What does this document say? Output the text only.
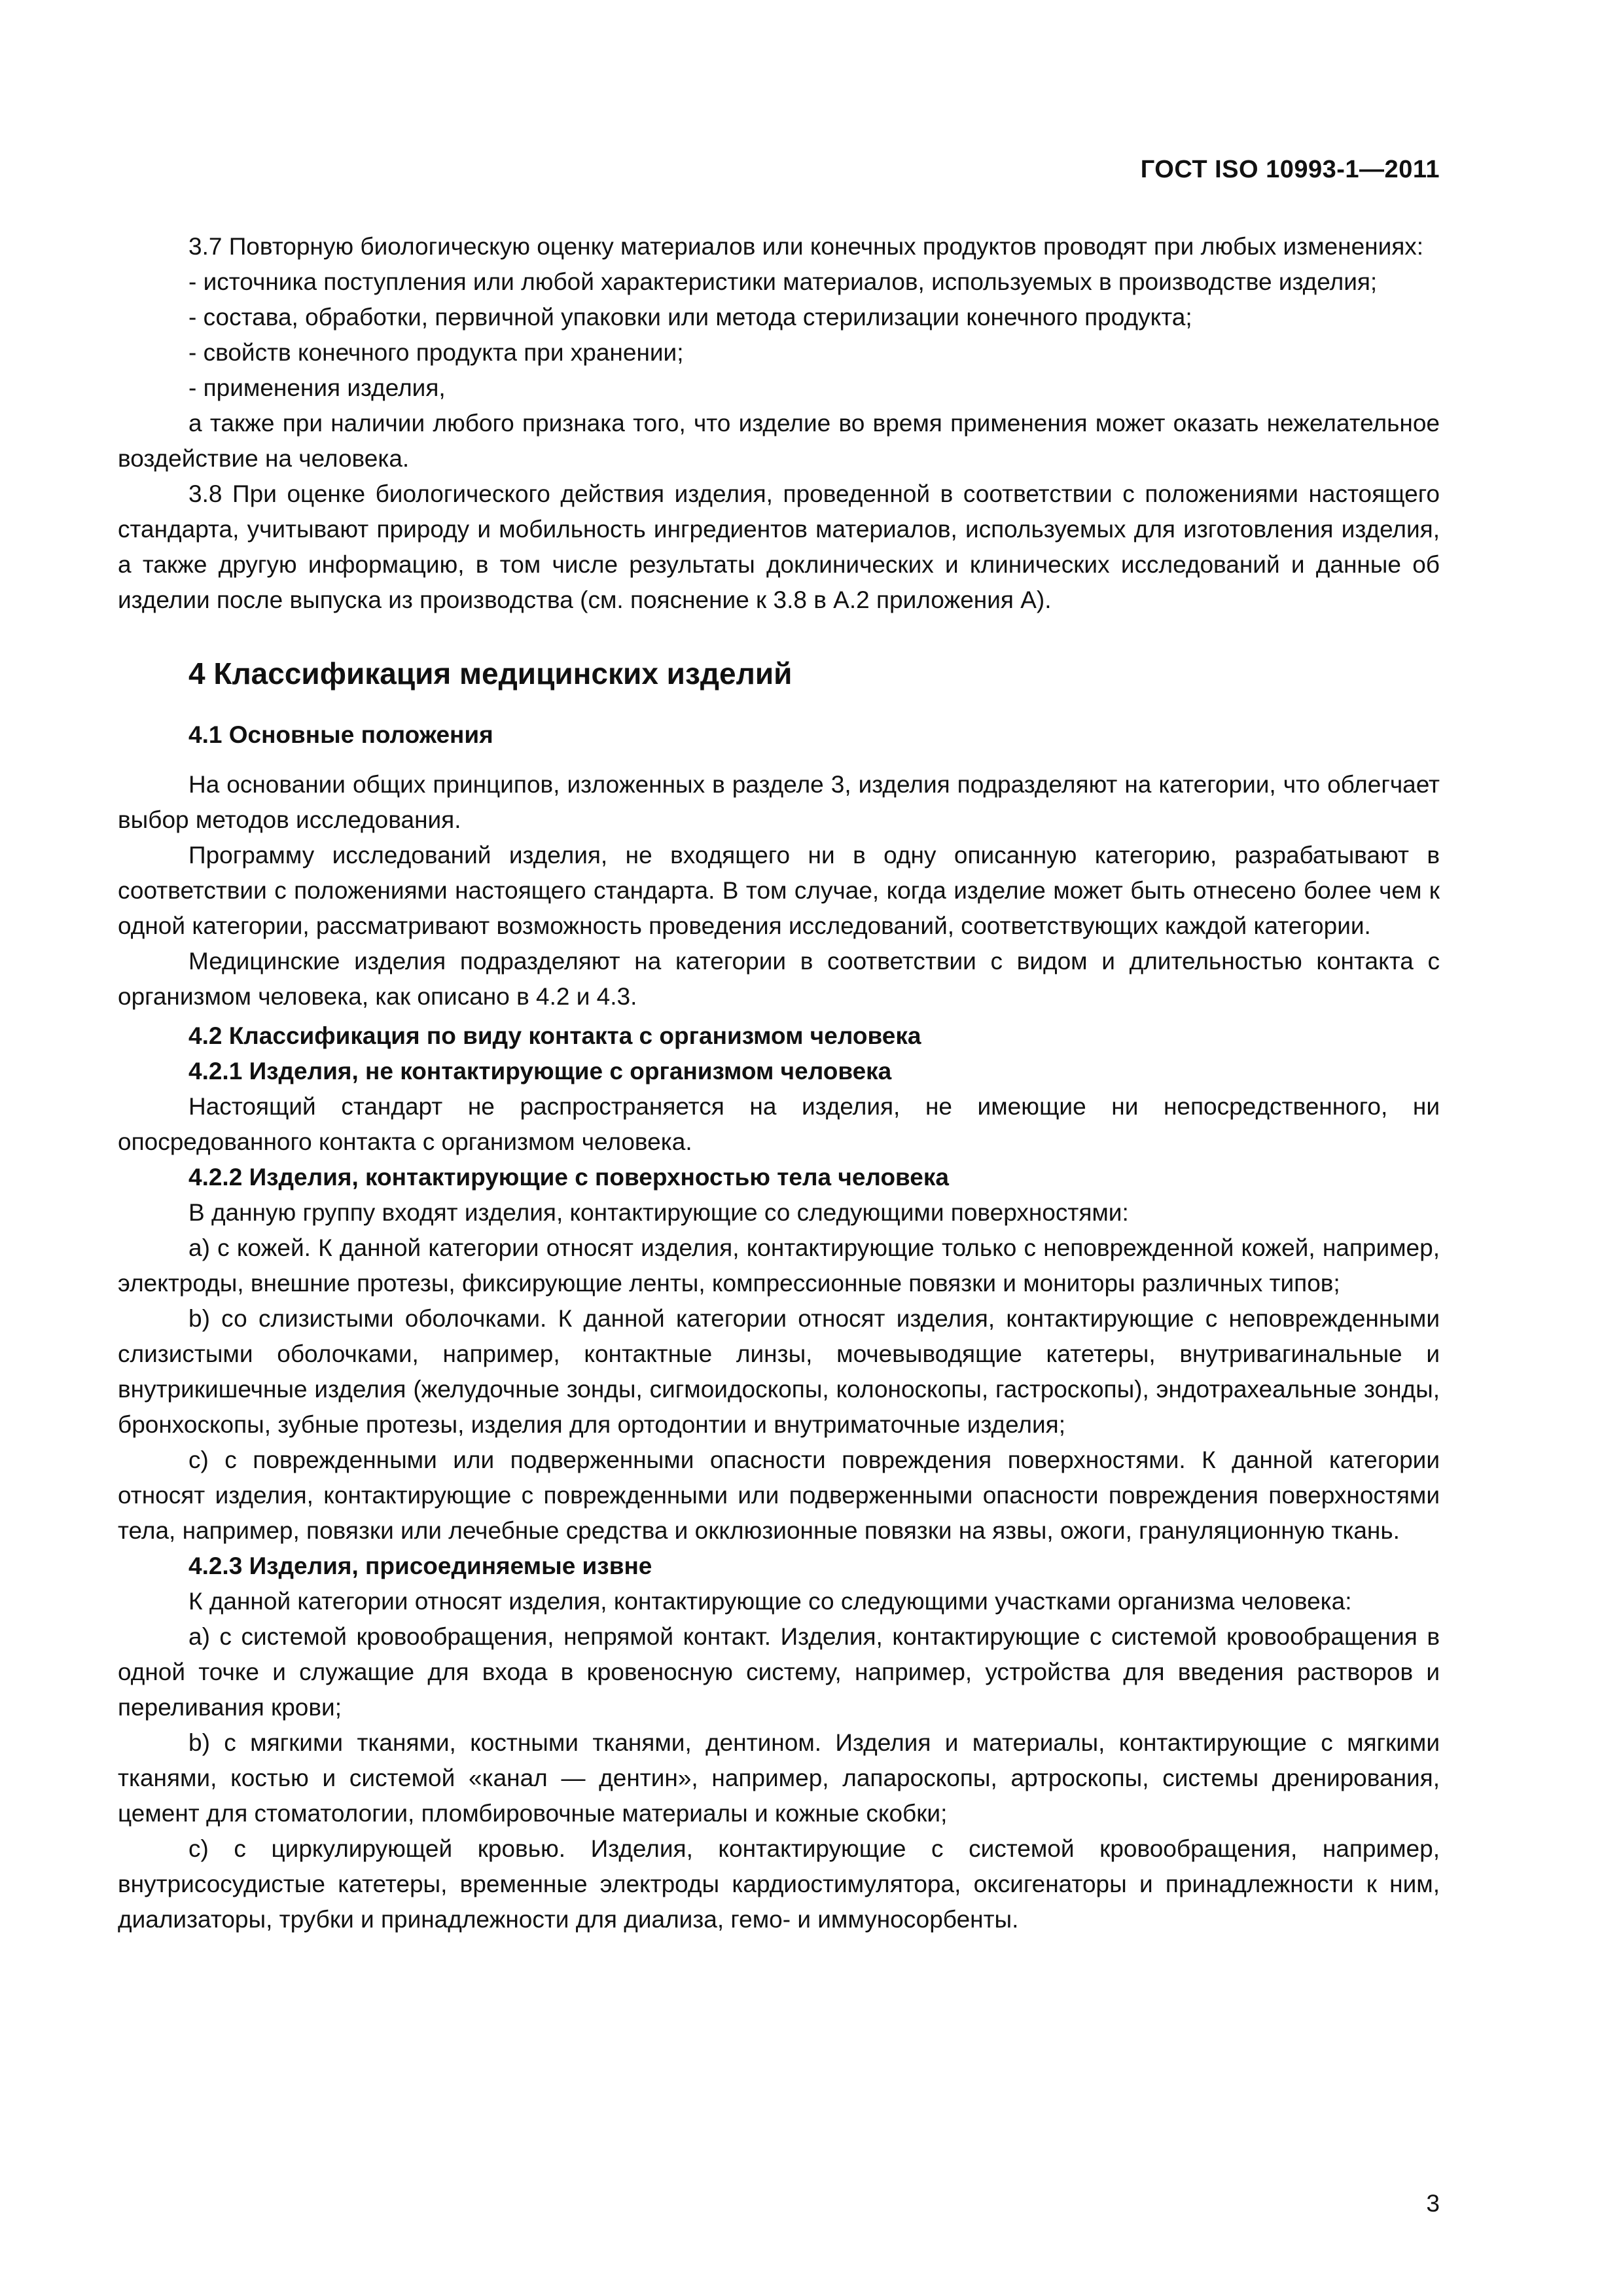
ГОСТ ISO 10993-1—2011

3.7 Повторную биологическую оценку материалов или конечных продуктов проводят при любых изменениях:

- источника поступления или любой характеристики материалов, используемых в производстве изделия;

- состава, обработки, первичной упаковки или метода стерилизации конечного продукта;

- свойств конечного продукта при хранении;

- применения изделия,

а также при наличии любого признака того, что изделие во время применения может оказать нежелательное воздействие на человека.

3.8 При оценке биологического действия изделия, проведенной в соответствии с положениями настоящего стандарта, учитывают природу и мобильность ингредиентов материалов, используемых для изготовления изделия, а также другую информацию, в том числе результаты доклинических и клинических исследований и данные об изделии после выпуска из производства (см. пояснение к 3.8 в А.2 приложения А).

4 Классификация медицинских изделий

4.1 Основные положения

На основании общих принципов, изложенных в разделе 3, изделия подразделяют на категории, что облегчает выбор методов исследования.

Программу исследований изделия, не входящего ни в одну описанную категорию, разрабатывают в соответствии с положениями настоящего стандарта. В том случае, когда изделие может быть отнесено более чем к одной категории, рассматривают возможность проведения исследований, соответствующих каждой категории.

Медицинские изделия подразделяют на категории в соответствии с видом и длительностью контакта с организмом человека, как описано в 4.2 и 4.3.

4.2 Классификация по виду контакта с организмом человека

4.2.1 Изделия, не контактирующие с организмом человека

Настоящий стандарт не распространяется на изделия, не имеющие ни непосредственного, ни опосредованного контакта с организмом человека.

4.2.2 Изделия, контактирующие с поверхностью тела человека

В данную группу входят изделия, контактирующие со следующими поверхностями:

a) с кожей. К данной категории относят изделия, контактирующие только с неповрежденной кожей, например, электроды, внешние протезы, фиксирующие ленты, компрессионные повязки и мониторы различных типов;

b) со слизистыми оболочками. К данной категории относят изделия, контактирующие с неповрежденными слизистыми оболочками, например, контактные линзы, мочевыводящие катетеры, внутривагинальные и внутрикишечные изделия (желудочные зонды, сигмоидоскопы, колоноскопы, гастроскопы), эндотрахеальные зонды, бронхоскопы, зубные протезы, изделия для ортодонтии и внутриматочные изделия;

c) с поврежденными или подверженными опасности повреждения поверхностями. К данной категории относят изделия, контактирующие с поврежденными или подверженными опасности повреждения поверхностями тела, например, повязки или лечебные средства и окклюзионные повязки на язвы, ожоги, грануляционную ткань.

4.2.3 Изделия, присоединяемые извне

К данной категории относят изделия, контактирующие со следующими участками организма человека:

a) с системой кровообращения, непрямой контакт. Изделия, контактирующие с системой кровообращения в одной точке и служащие для входа в кровеносную систему, например, устройства для введения растворов и переливания крови;

b) с мягкими тканями, костными тканями, дентином. Изделия и материалы, контактирующие с мягкими тканями, костью и системой «канал — дентин», например, лапароскопы, артроскопы, системы дренирования, цемент для стоматологии, пломбировочные материалы и кожные скобки;

c) с циркулирующей кровью. Изделия, контактирующие с системой кровообращения, например, внутрисосудистые катетеры, временные электроды кардиостимулятора, оксигенаторы и принадлежности к ним, диализаторы, трубки и принадлежности для диализа, гемо- и иммуносорбенты.

3
